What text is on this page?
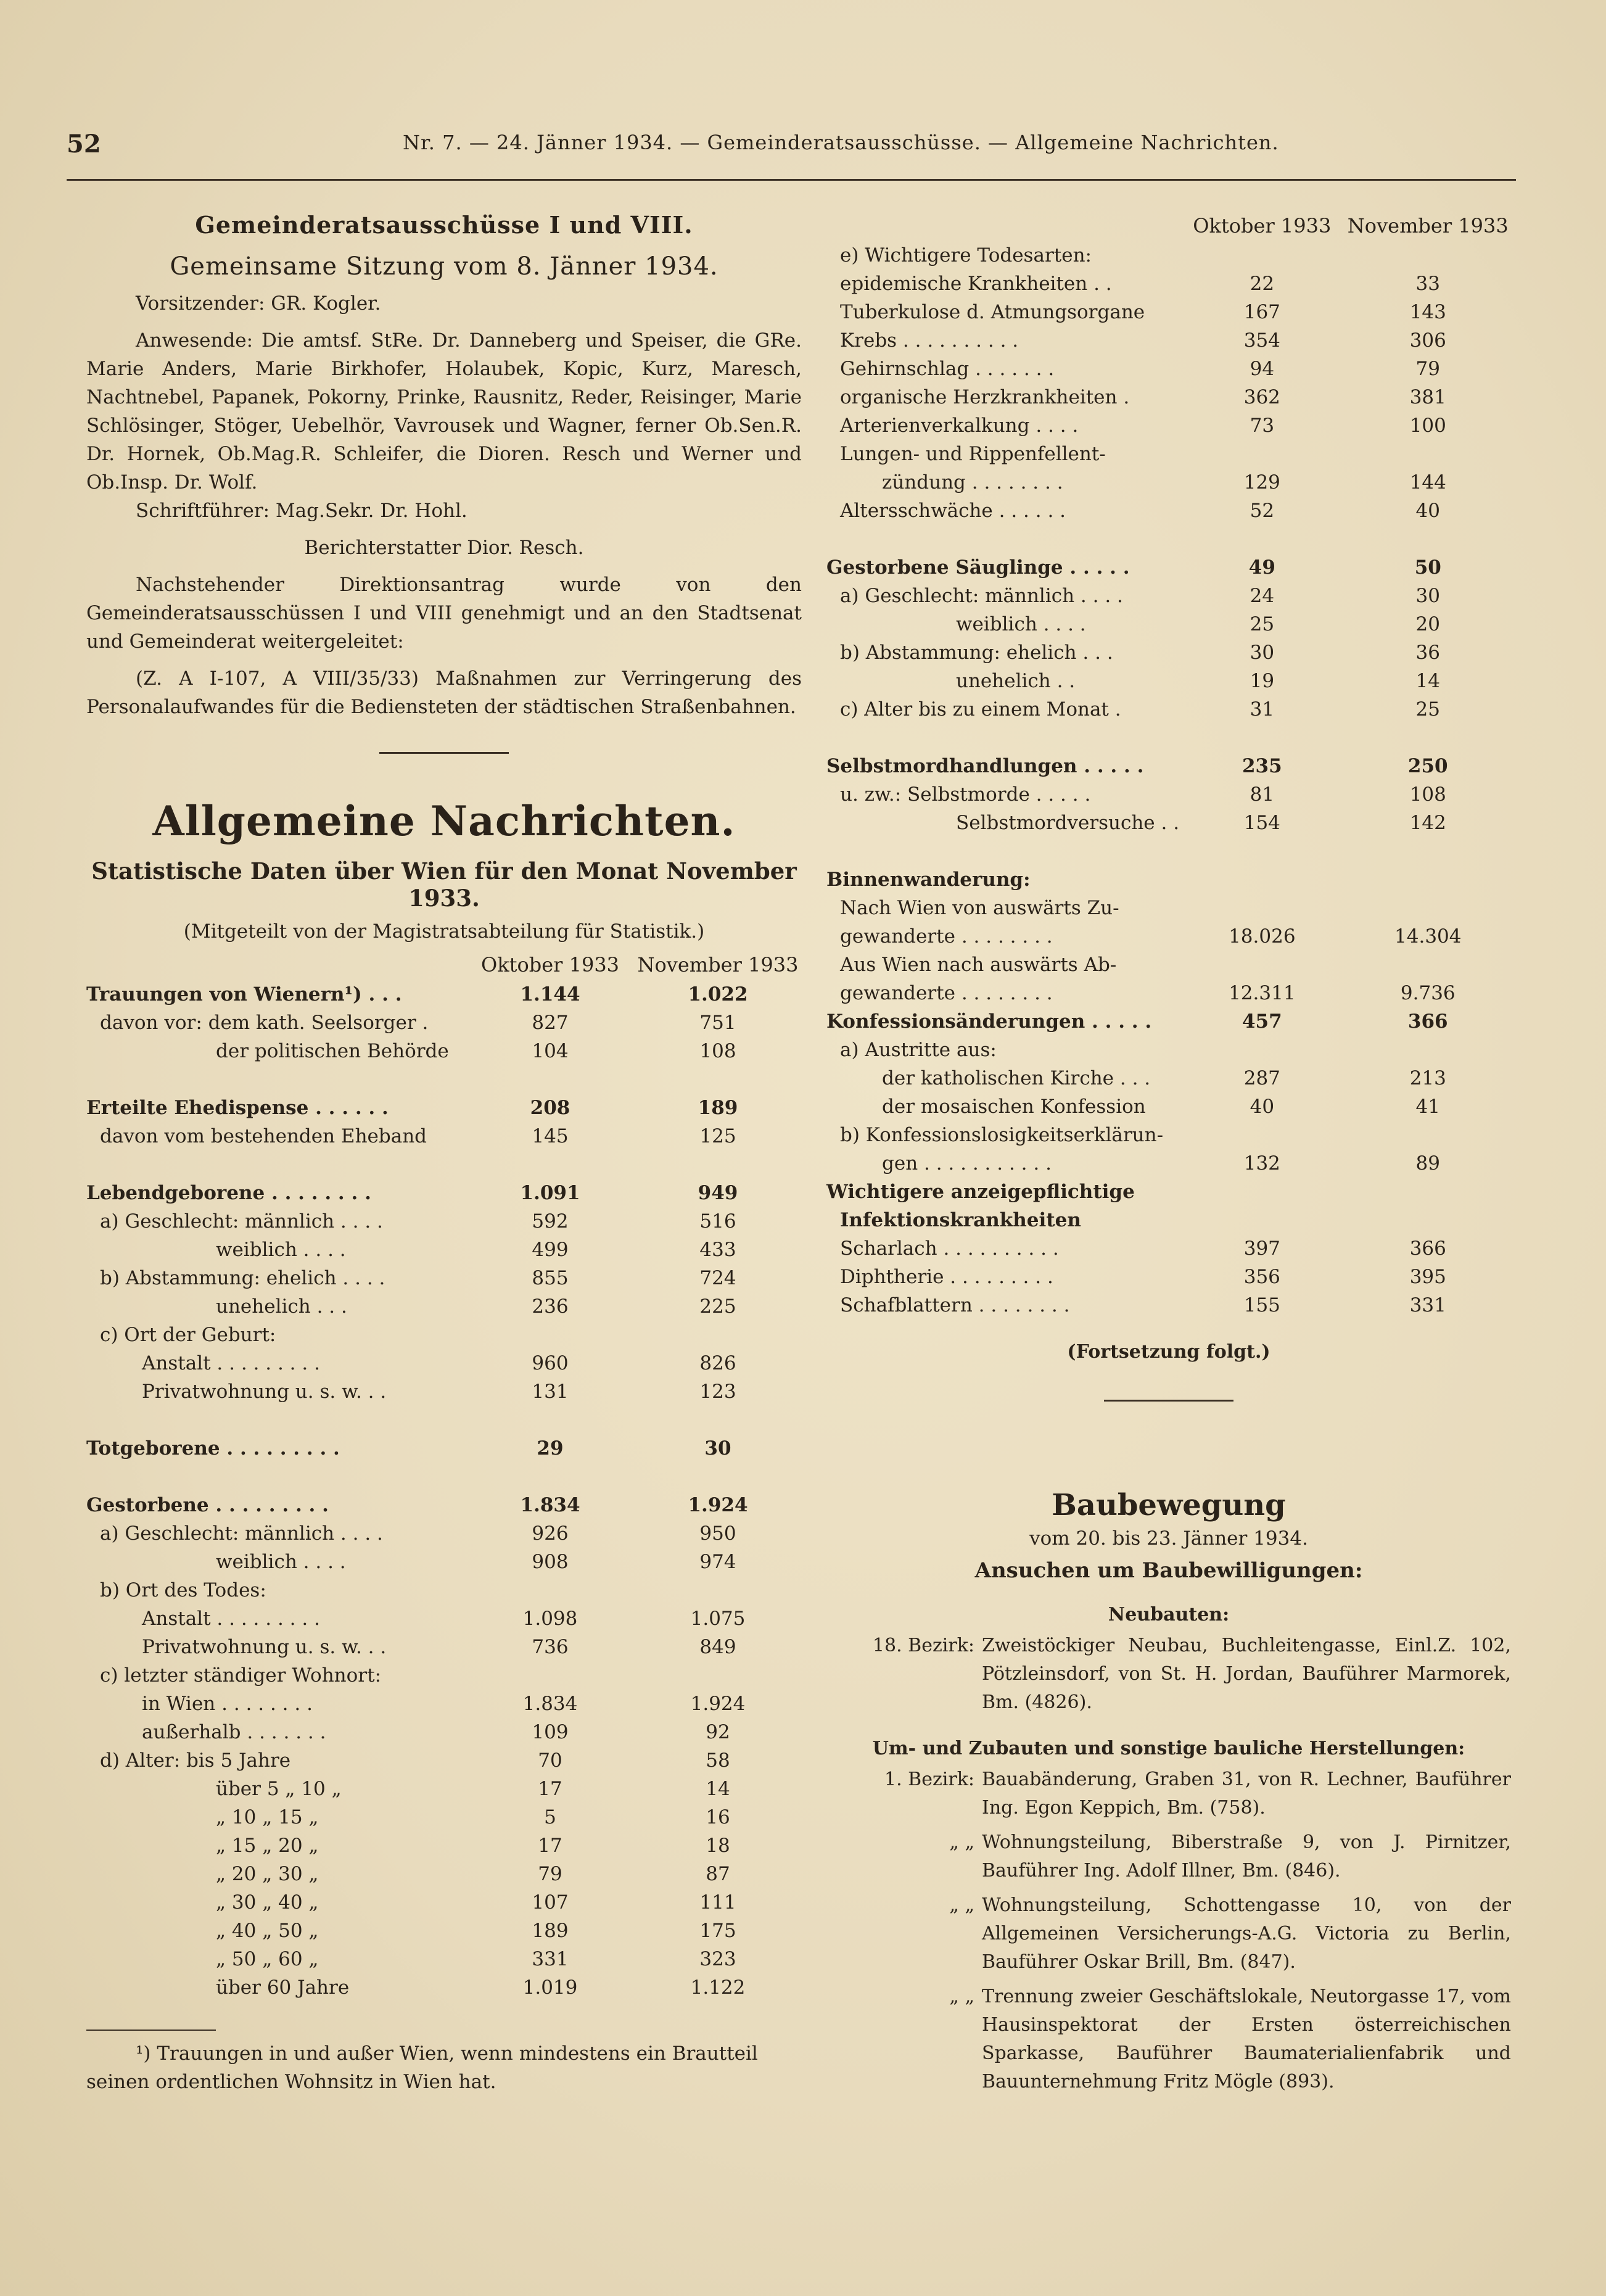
52	Nr. 7. — 24. Jänner 1934. — Gemeinderatsausschüsse. — Allgemeine Nachrichten.
Gemeinderatsausschüsse I und VIII.
Gemeinsame Sitzung vom 8. Jänner 1934.

Vorsitzender: GR. Kogler.

Anwesende: Die amtsf. StRe. Dr. Danneberg und Speiser, die GRe. Marie Anders, Marie Birkhofer, Holaubek, Kopic, Kurz, Maresch, Nachtnebel, Papanek, Pokorny, Prinke, Rausnitz, Reder, Reisinger, Marie Schlösinger, Stöger, Uebelhör, Vavrousek und Wagner, ferner Ob.Sen.R. Dr. Hornek, Ob.Mag.R. Schleifer, die Dioren. Resch und Werner und Ob.Insp. Dr. Wolf.

Schriftführer: Mag.Sekr. Dr. Hohl.

Berichterstatter Dior. Resch.

Nachstehender Direktionsantrag wurde von den Gemeinderatsausschüssen I und VIII genehmigt und an den Stadtsenat und Gemeinderat weitergeleitet:

(Z. A I-107, A VIII/35/33) Maßnahmen zur Verringerung des Personalaufwandes für die Bediensteten der städtischen Straßenbahnen.

Allgemeine Nachrichten.
Statistische Daten über Wien für den Monat November 1933.
(Mitgeteilt von der Magistratsabteilung für Statistik.)
	Oktober 1933	November 1933
Trauungen von Wienern¹) . . .	1.144	1.022
davon vor: dem kath. Seelsorger .	827	751
der politischen Behörde	104	108

Erteilte Ehedispense . . . . . .	208	189
davon vom bestehenden Eheband	145	125

Lebendgeborene . . . . . . . .	1.091	949
a) Geschlecht: männlich . . . .	592	516
weiblich . . . .	499	433
b) Abstammung: ehelich . . . .	855	724
unehelich . . .	236	225
c) Ort der Geburt:		
Anstalt . . . . . . . . .	960	826
Privatwohnung u. s. w. . .	131	123

Totgeborene . . . . . . . . .	29	30

Gestorbene . . . . . . . . .	1.834	1.924
a) Geschlecht: männlich . . . .	926	950
weiblich . . . .	908	974
b) Ort des Todes:		
Anstalt . . . . . . . . .	1.098	1.075
Privatwohnung u. s. w. . .	736	849
c) letzter ständiger Wohnort:		
in Wien . . . . . . . .	1.834	1.924
außerhalb . . . . . . .	109	92
d) Alter: bis 5 Jahre	70	58
über 5 „ 10 „	17	14
„ 10 „ 15 „	5	16
„ 15 „ 20 „	17	18
„ 20 „ 30 „	79	87
„ 30 „ 40 „	107	111
„ 40 „ 50 „	189	175
„ 50 „ 60 „	331	323
über 60 Jahre	1.019	1.122
¹) Trauungen in und außer Wien, wenn mindestens ein Brautteil seinen ordentlichen Wohnsitz in Wien hat.
	Oktober 1933	November 1933
e) Wichtigere Todesarten:		
epidemische Krankheiten . .	22	33
Tuberkulose d. Atmungsorgane	167	143
Krebs . . . . . . . . . .	354	306
Gehirnschlag . . . . . . .	94	79
organische Herzkrankheiten .	362	381
Arterienverkalkung . . . .	73	100
Lungen- und Rippenfellent-		
zündung . . . . . . . .	129	144
Altersschwäche . . . . . .	52	40

Gestorbene Säuglinge . . . . .	49	50
a) Geschlecht: männlich . . . .	24	30
weiblich . . . .	25	20
b) Abstammung: ehelich . . .	30	36
unehelich . .	19	14
c) Alter bis zu einem Monat .	31	25

Selbstmordhandlungen . . . . .	235	250
u. zw.: Selbstmorde . . . . .	81	108
Selbstmordversuche . .	154	142

Binnenwanderung:		
Nach Wien von auswärts Zu-		
gewanderte . . . . . . . .	18.026	14.304
Aus Wien nach auswärts Ab-		
gewanderte . . . . . . . .	12.311	9.736
Konfessionsänderungen . . . . .	457	366
a) Austritte aus:		
der katholischen Kirche . . .	287	213
der mosaischen Konfession	40	41
b) Konfessionslosigkeitserklärun-		
gen . . . . . . . . . . .	132	89
Wichtigere anzeigepflichtige		
Infektionskrankheiten		
Scharlach . . . . . . . . . .	397	366
Diphtherie . . . . . . . . .	356	395
Schafblattern . . . . . . . .	155	331
(Fortsetzung folgt.)
Baubewegung
vom 20. bis 23. Jänner 1934.
Ansuchen um Baubewilligungen:
Neubauten:
18. Bezirk: Zweistöckiger Neubau, Buchleitengasse, Einl.Z. 102, Pötzleinsdorf, von St. H. Jordan, Bauführer Marmorek, Bm. (4826).
Um- und Zubauten und sonstige bauliche Herstellungen:
1. Bezirk: Bauabänderung, Graben 31, von R. Lechner, Bauführer Ing. Egon Keppich, Bm. (758).
„ „ Wohnungsteilung, Biberstraße 9, von J. Pirnitzer, Bauführer Ing. Adolf Illner, Bm. (846).
„ „ Wohnungsteilung, Schottengasse 10, von der Allgemeinen Versicherungs-A.G. Victoria zu Berlin, Bauführer Oskar Brill, Bm. (847).
„ „ Trennung zweier Geschäftslokale, Neutorgasse 17, vom Hausinspektorat der Ersten österreichischen Sparkasse, Bauführer Baumaterialienfabrik und Bauunternehmung Fritz Mögle (893).
